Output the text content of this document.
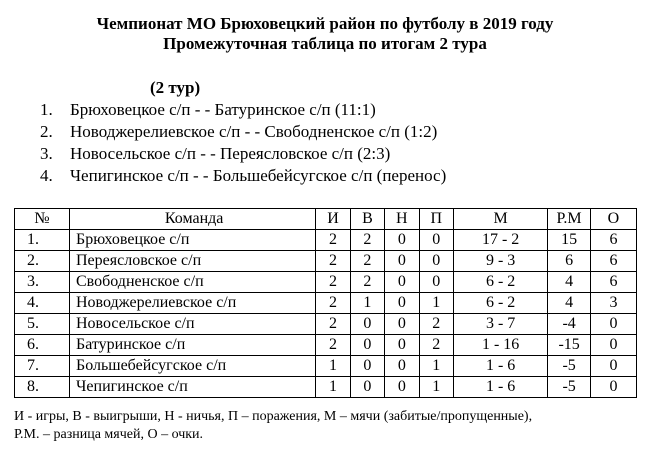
Чемпионат МО Брюховецкий район по футболу в 2019 году
Промежуточная таблица по итогам 2 тура
(2 тур)
1.	Брюховецкое с/п - - Батуринское с/п (11:1)
2.	Новоджерелиевское с/п - - Свободненское с/п (1:2)
3.	Новосельское с/п - - Переясловское с/п (2:3)
4.	Чепигинское с/п - - Большебейсугское с/п (перенос)
№	Команда	И	В	Н	П	М	Р.М	О
1.	Брюховецкое с/п	2	2	0	0	17 - 2	15	6
2.	Переясловское с/п	2	2	0	0	9 - 3	6	6
3.	Свободненское с/п	2	2	0	0	6 - 2	4	6
4.	Новоджерелиевское с/п	2	1	0	1	6 - 2	4	3
5.	Новосельское с/п	2	0	0	2	3 - 7	-4	0
6.	Батуринское с/п	2	0	0	2	1 - 16	-15	0
7.	Большебейсугское с/п	1	0	0	1	1 - 6	-5	0
8.	Чепигинское с/п	1	0	0	1	1 - 6	-5	0
И - игры, В - выигрыши, Н - ничья, П – поражения, М – мячи (забитые/пропущенные),
Р.М. – разница мячей, О – очки.
